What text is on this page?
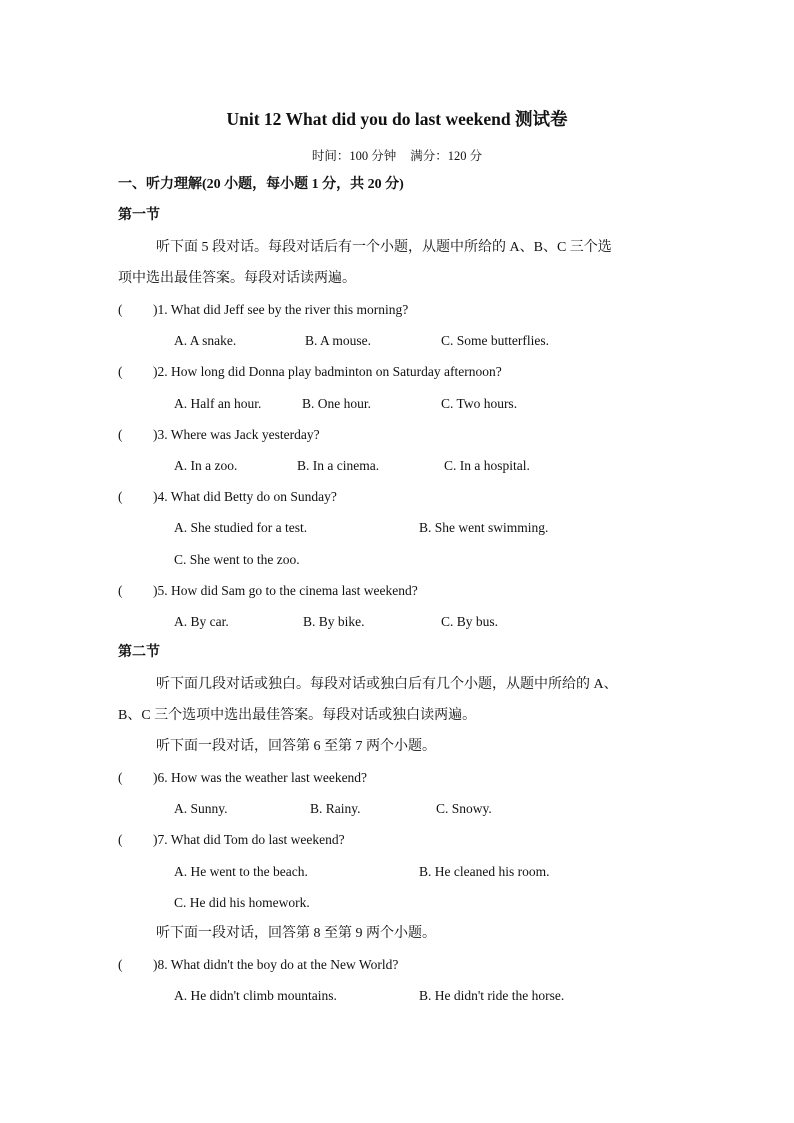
Unit 12 What did you do last weekend 测试卷
时间：100 分钟 满分：120 分
一、听力理解(20 小题，每小题 1 分，共 20 分)
第一节
听下面 5 段对话。每段对话后有一个小题，从题中所给的 A、B、C 三个选
项中选出最佳答案。每段对话读两遍。
( )1. What did Jeff see by the river this morning?
A. A snake.	B. A mouse.	C. Some butterflies.
( )2. How long did Donna play badminton on Saturday afternoon?
A. Half an hour.	B. One hour.	C. Two hours.
( )3. Where was Jack yesterday?
A. In a zoo.	B. In a cinema.	C. In a hospital.
( )4. What did Betty do on Sunday?
A. She studied for a test.	B. She went swimming.
C. She went to the zoo.
( )5. How did Sam go to the cinema last weekend?
A. By car.	B. By bike.	C. By bus.
第二节
听下面几段对话或独白。每段对话或独白后有几个小题，从题中所给的 A、
B、C 三个选项中选出最佳答案。每段对话或独白读两遍。
听下面一段对话，回答第 6 至第 7 两个小题。
( )6. How was the weather last weekend?
A. Sunny.	B. Rainy.	C. Snowy.
( )7. What did Tom do last weekend?
A. He went to the beach.	B. He cleaned his room.
C. He did his homework.
听下面一段对话，回答第 8 至第 9 两个小题。
( )8. What didn't the boy do at the New World?
A. He didn't climb mountains.	B. He didn't ride the horse.
